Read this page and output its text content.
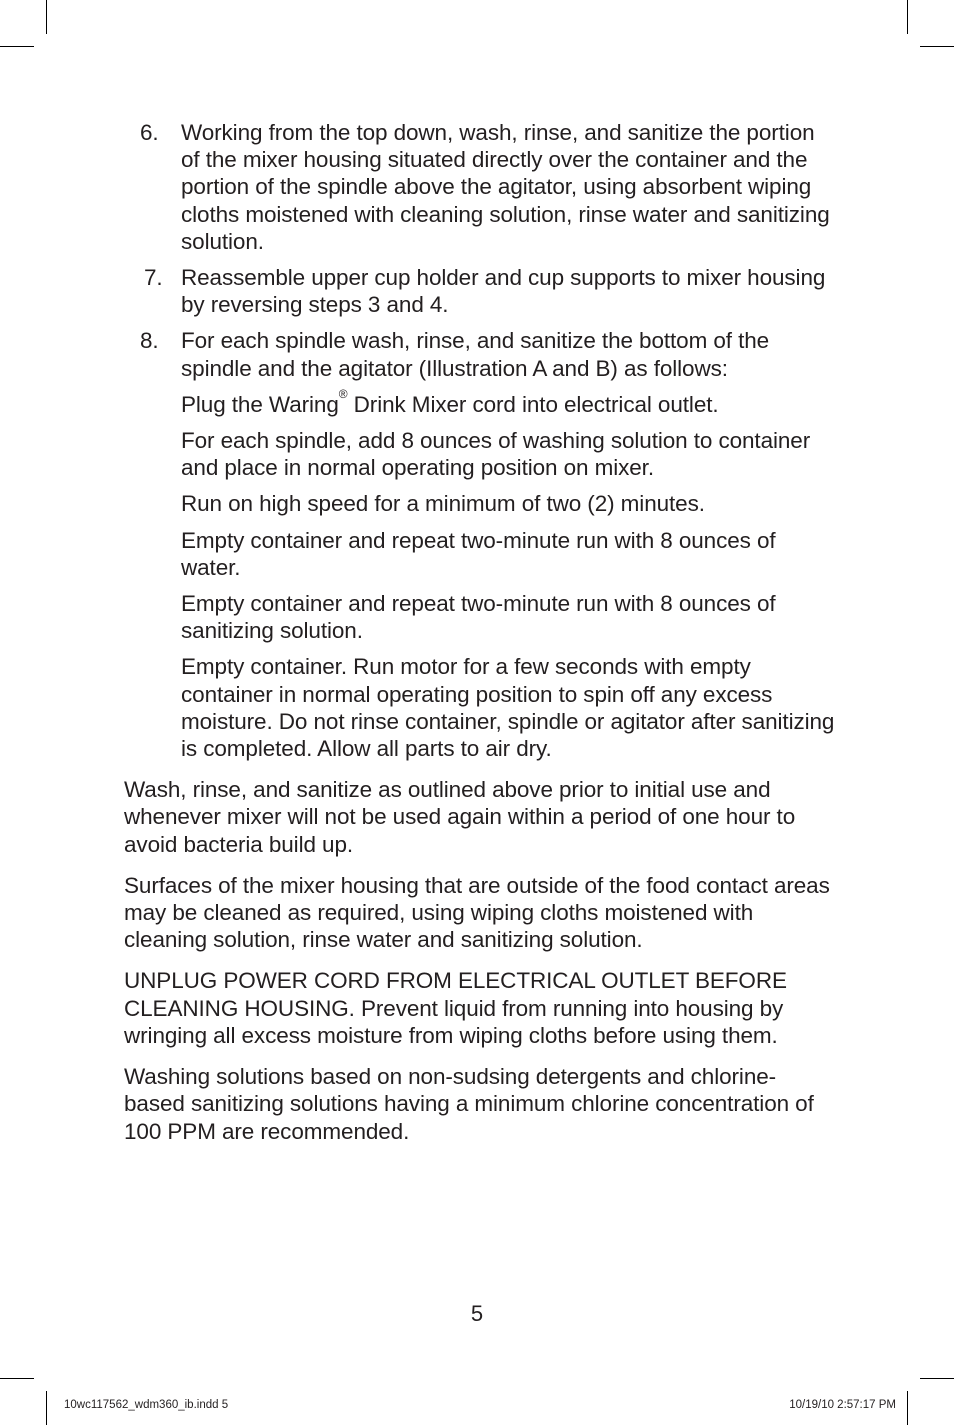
6. Working from the top down, wash, rinse, and sanitize the portion of the mixer housing situated directly over the container and the portion of the spindle above the agitator, using absorbent wiping cloths moistened with cleaning solution, rinse water and sanitizing solution.
7. Reassemble upper cup holder and cup supports to mixer housing by reversing steps 3 and 4.
8. For each spindle wash, rinse, and sanitize the bottom of the spindle and the agitator (Illustration A and B) as follows:
Plug the Waring® Drink Mixer cord into electrical outlet.
For each spindle, add 8 ounces of washing solution to container and place in normal operating position on mixer.
Run on high speed for a minimum of two (2) minutes.
Empty container and repeat two-minute run with 8 ounces of water.
Empty container and repeat two-minute run with 8 ounces of sanitizing solution.
Empty container. Run motor for a few seconds with empty container in normal operating position to spin off any excess moisture. Do not rinse container, spindle or agitator after sanitizing is completed. Allow all parts to air dry.
Wash, rinse, and sanitize as outlined above prior to initial use and whenever mixer will not be used again within a period of one hour to avoid bacteria build up.
Surfaces of the mixer housing that are outside of the food contact areas may be cleaned as required, using wiping cloths moistened with cleaning solution, rinse water and sanitizing solution.
UNPLUG POWER CORD FROM ELECTRICAL OUTLET BEFORE CLEANING HOUSING. Prevent liquid from running into housing by wringing all excess moisture from wiping cloths before using them.
Washing solutions based on non-sudsing detergents and chlorine-based sanitizing solutions having a minimum chlorine concentration of 100 PPM are recommended.
5
10wc117562_wdm360_ib.indd 5	10/19/10 2:57:17 PM
